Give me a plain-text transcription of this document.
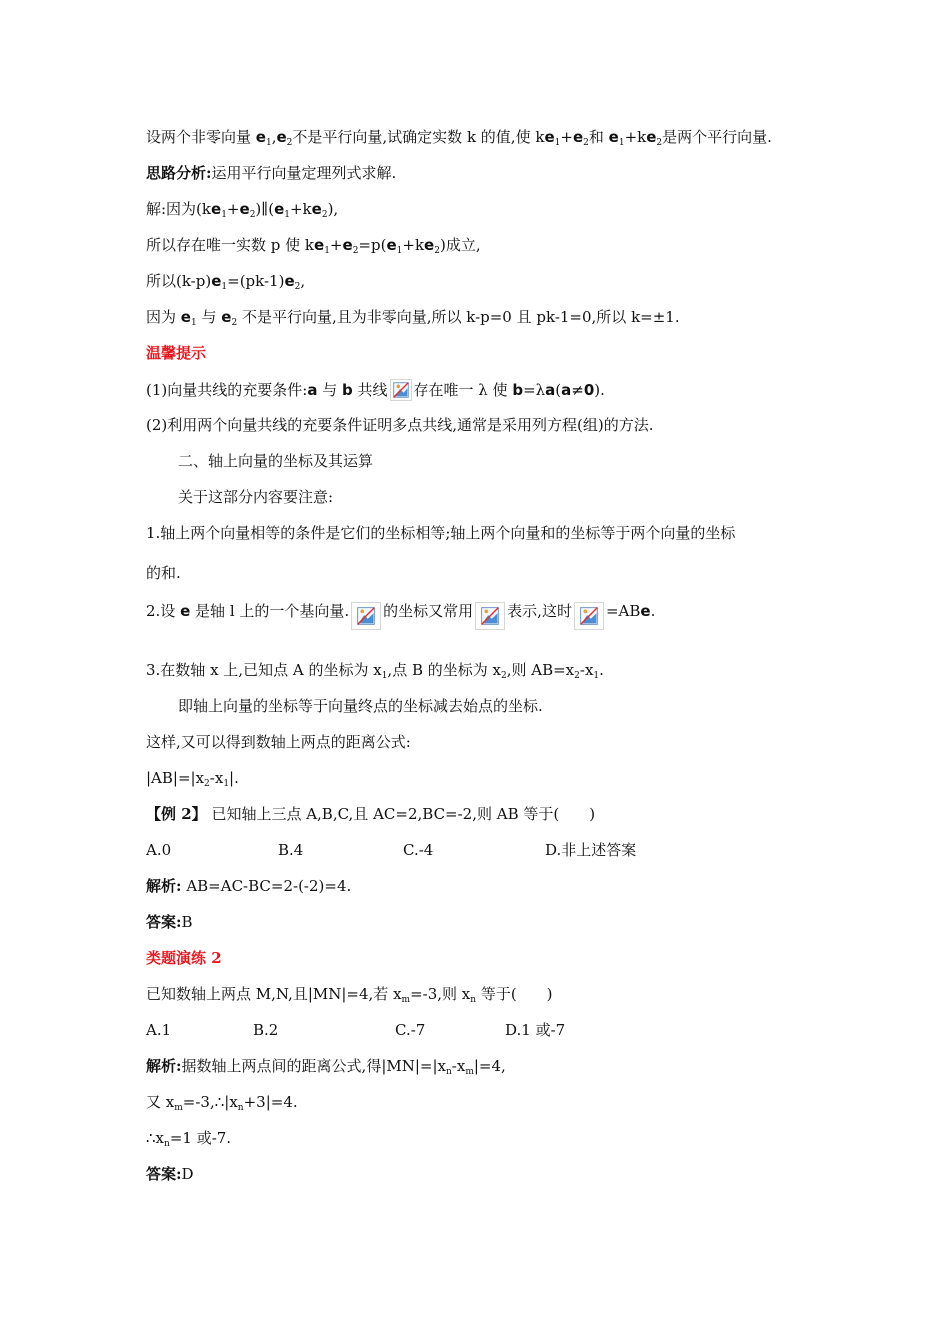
设两个非零向量 $e_1,e_2$不是平行向量,试确定实数 k 的值,使 $ke_1+e_2$和 $e_1+ke_2$是两个平行向量.
思路分析:运用平行向量定理列式求解.
解:因为$(ke_1+e_2)\parallel(e_1+ke_2)$,
所以存在唯一实数 p 使 $ke_1+e_2=p(e_1+ke_2)$成立,
所以$(k-p)e_1=(pk-1)e_2$,
因为 $e_1$ 与 $e_2$ 不是平行向量,且为非零向量,所以 k-p=0 且 pk-1=0,所以 k=±1.
温馨提示
(1)向量共线的充要条件:a 与 b 共线 存在唯一 λ 使 b=λa(a≠0).
(2)利用两个向量共线的充要条件证明多点共线,通常是采用列方程(组)的方法.
二、轴上向量的坐标及其运算
关于这部分内容要注意:
1.轴上两个向量相等的条件是它们的坐标相等;轴上两个向量和的坐标等于两个向量的坐标
的和.
2.设 e 是轴 l 上的一个基向量. 的坐标又常用 表示,这时 =ABe.
3.在数轴 x 上,已知点 A 的坐标为 $x_1$,点 B 的坐标为 $x_2$,则 $AB=x_2-x_1$.
即轴上向量的坐标等于向量终点的坐标减去始点的坐标.
这样,又可以得到数轴上两点的距离公式:
$|AB|=|x_2-x_1|$.
【例 2】 已知轴上三点 A,B,C,且 AC=2,BC=-2,则 AB 等于(　　)
A.0	B.4	C.-4	D.非上述答案
解析: AB=AC-BC=2-(-2)=4.
答案:B
类题演练 2
已知数轴上两点 M,N,且|MN|=4,若 $x_m=-3$,则 $x_n$ 等于(　　)
A.1	B.2	C.-7	D.1 或-7
解析:据数轴上两点间的距离公式,得$|MN|=|x_n-x_m|=4$,
又 $x_m=-3,\therefore|x_n+3|=4$.
$\therefore x_n=1$ 或-7.
答案:D
